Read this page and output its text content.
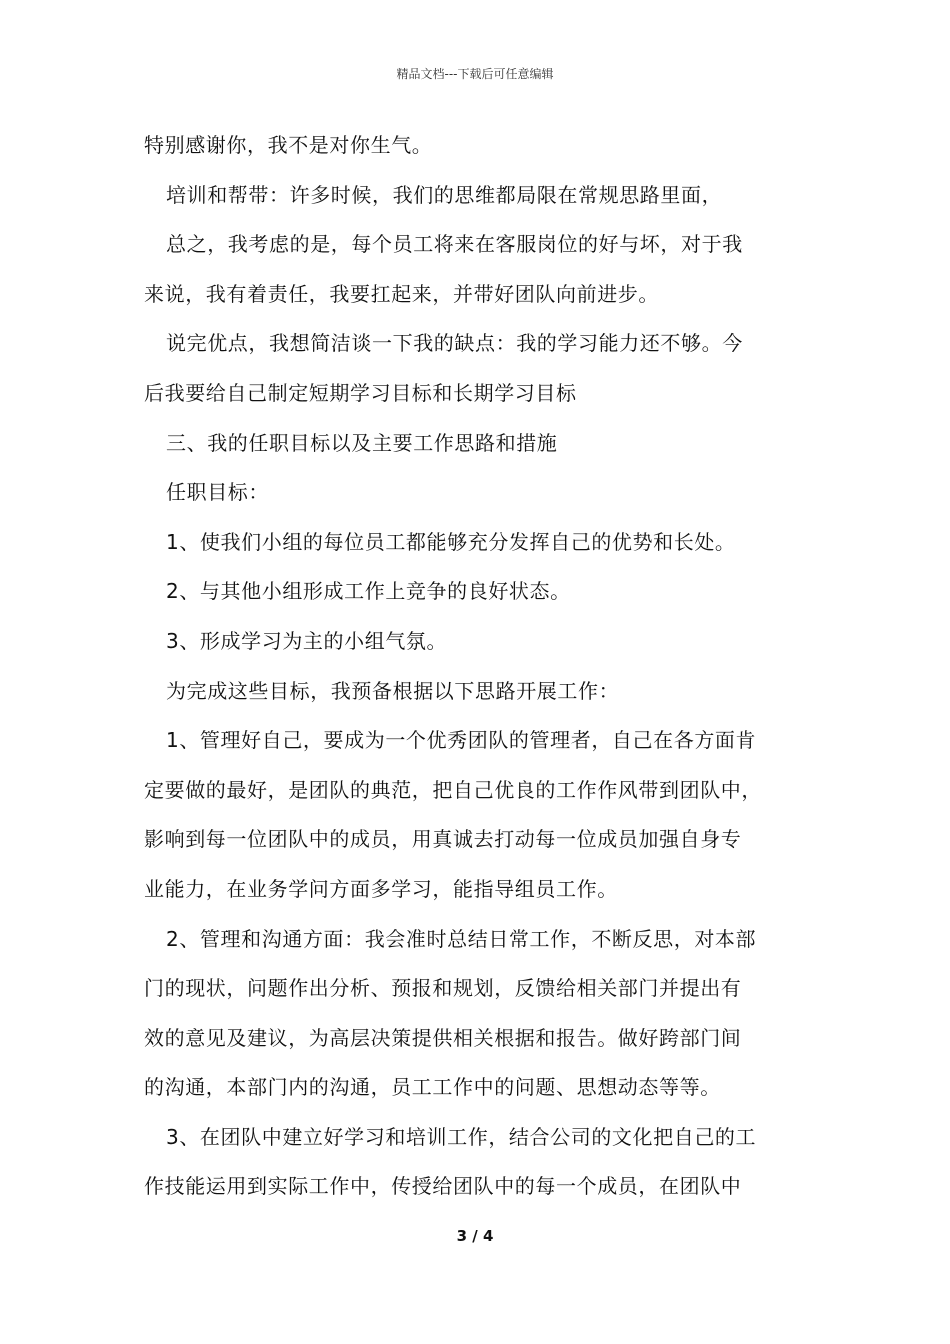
精品文档---下载后可任意编辑
特别感谢你，我不是对你生气。
培训和帮带：许多时候，我们的思维都局限在常规思路里面，
总之，我考虑的是，每个员工将来在客服岗位的好与坏，对于我
来说，我有着责任，我要扛起来，并带好团队向前进步。
说完优点，我想简洁谈一下我的缺点：我的学习能力还不够。今
后我要给自己制定短期学习目标和长期学习目标
三、我的任职目标以及主要工作思路和措施
任职目标：
1、使我们小组的每位员工都能够充分发挥自己的优势和长处。
2、与其他小组形成工作上竞争的良好状态。
3、形成学习为主的小组气氛。
为完成这些目标，我预备根据以下思路开展工作：
1、管理好自己，要成为一个优秀团队的管理者，自己在各方面肯
定要做的最好，是团队的典范，把自己优良的工作作风带到团队中，
影响到每一位团队中的成员，用真诚去打动每一位成员加强自身专
业能力，在业务学问方面多学习，能指导组员工作。
2、管理和沟通方面：我会准时总结日常工作，不断反思，对本部
门的现状，问题作出分析、预报和规划，反馈给相关部门并提出有
效的意见及建议，为高层决策提供相关根据和报告。做好跨部门间
的沟通，本部门内的沟通，员工工作中的问题、思想动态等等。
3、在团队中建立好学习和培训工作，结合公司的文化把自己的工
作技能运用到实际工作中，传授给团队中的每一个成员，在团队中
3 / 4
